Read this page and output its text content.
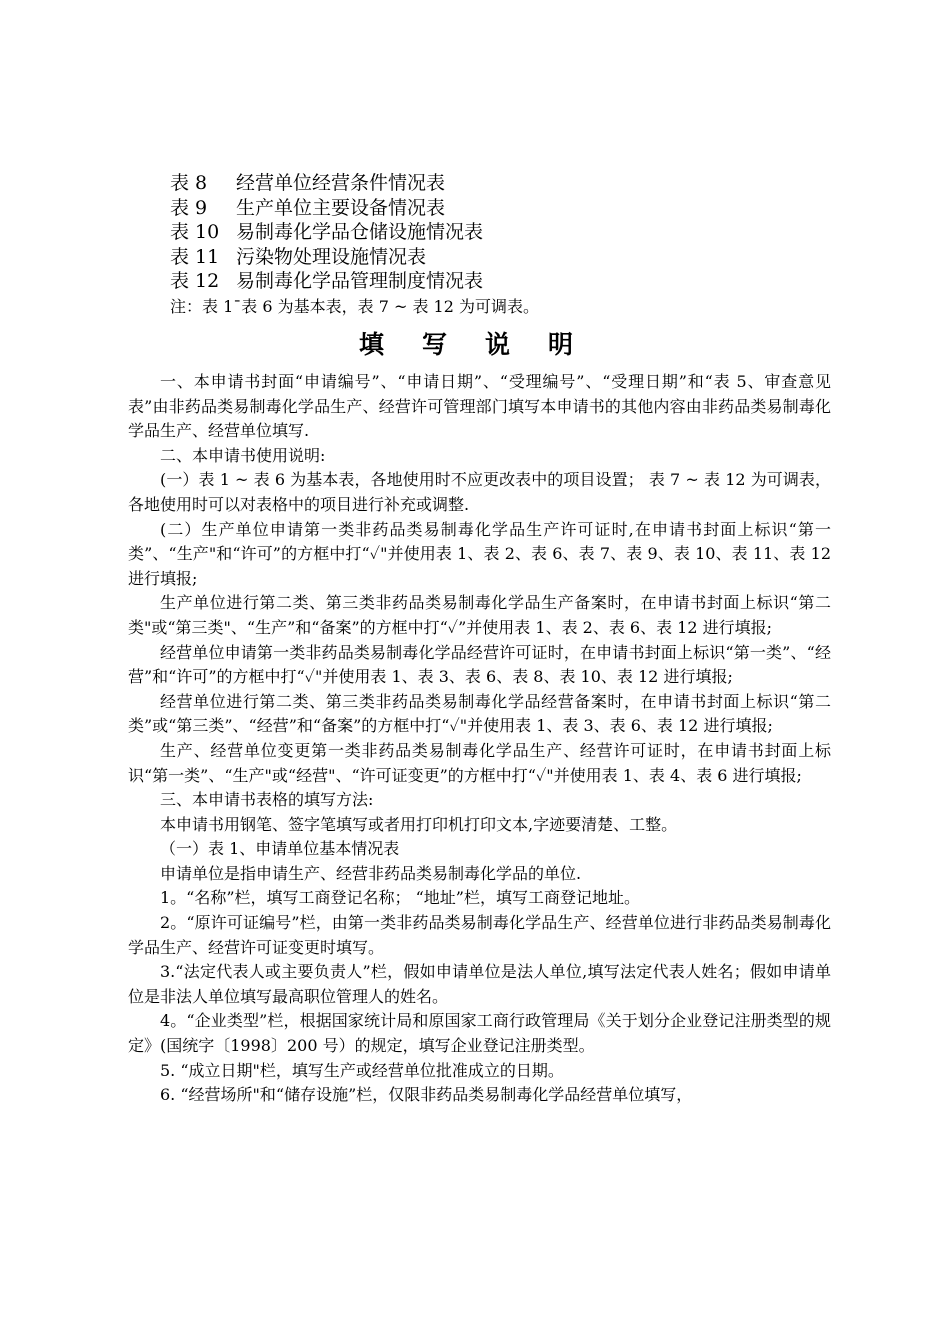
表 8 经营单位经营条件情况表
表 9 生产单位主要设备情况表
表 10 易制毒化学品仓储设施情况表
表 11 污染物处理设施情况表
表 12 易制毒化学品管理制度情况表
注：表 1¯表 6 为基本表，表 7 ~ 表 12 为可调表。
填写说明

一、本申请书封面“申请编号”、“申请日期”、“受理编号”、“受理日期”和“表 5、审查意见表”由非药品类易制毒化学品生产、经营许可管理部门填写本申请书的其他内容由非药品类易制毒化学品生产、经营单位填写.

二、本申请书使用说明:

(一）表 1 ~ 表 6 为基本表，各地使用时不应更改表中的项目设置； 表 7 ~ 表 12 为可调表，各地使用时可以对表格中的项目进行补充或调整.

(二）生产单位申请第一类非药品类易制毒化学品生产许可证时,在申请书封面上标识“第一类”、“生产"和“许可”的方框中打“✓"并使用表 1、表 2、表 6、表 7、表 9、表 10、表 11、表 12 进行填报;

生产单位进行第二类、第三类非药品类易制毒化学品生产备案时，在申请书封面上标识“第二类"或“第三类"、“生产”和“备案”的方框中打“✓”并使用表 1、表 2、表 6、表 12 进行填报;

经营单位申请第一类非药品类易制毒化学品经营许可证时，在申请书封面上标识“第一类”、“经营”和“许可”的方框中打“✓"并使用表 1、表 3、表 6、表 8、表 10、表 12 进行填报;

经营单位进行第二类、第三类非药品类易制毒化学品经营备案时，在申请书封面上标识“第二类”或“第三类”、“经营”和“备案”的方框中打“✓"并使用表 1、表 3、表 6、表 12 进行填报;

生产、经营单位变更第一类非药品类易制毒化学品生产、经营许可证时，在申请书封面上标识“第一类”、“生产"或“经营"、“许可证变更”的方框中打“✓"并使用表 1、表 4、表 6 进行填报;

三、本申请书表格的填写方法:

本申请书用钢笔、签字笔填写或者用打印机打印文本,字迹要清楚、工整。

（一）表 1、申请单位基本情况表

申请单位是指申请生产、经营非药品类易制毒化学品的单位.

1。“名称”栏，填写工商登记名称； “地址”栏，填写工商登记地址。

2。“原许可证编号”栏，由第一类非药品类易制毒化学品生产、经营单位进行非药品类易制毒化学品生产、经营许可证变更时填写。

3.“法定代表人或主要负责人”栏，假如申请单位是法人单位,填写法定代表人姓名；假如申请单位是非法人单位填写最高职位管理人的姓名。

4。“企业类型”栏，根据国家统计局和原国家工商行政管理局《关于划分企业登记注册类型的规定》(国统字〔1998〕200 号）的规定，填写企业登记注册类型。

5. “成立日期"栏，填写生产或经营单位批准成立的日期。

6. “经营场所"和“储存设施”栏，仅限非药品类易制毒化学品经营单位填写，
